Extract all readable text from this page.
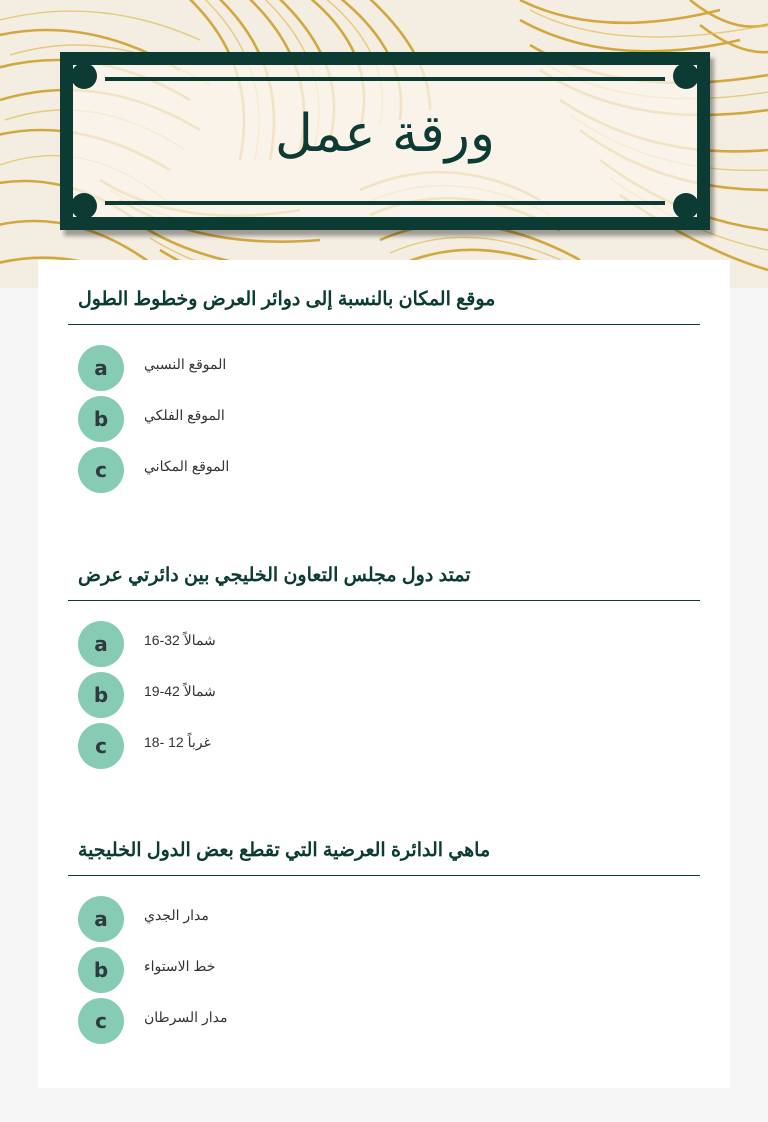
ورقة عمل
موقع المكان بالنسبة إلى دوائر العرض وخطوط الطول
a	الموقع النسبي
b	الموقع الفلكي
c	الموقع المكاني
تمتد دول مجلس التعاون الخليجي بين دائرتي عرض
a	شمالاً 32-16
b	شمالاً 42-19
c	غرباً 12 -18
ماهي الدائرة العرضية التي تقطع بعض الدول الخليجية
a	مدار الجدي
b	خط الاستواء
c	مدار السرطان
